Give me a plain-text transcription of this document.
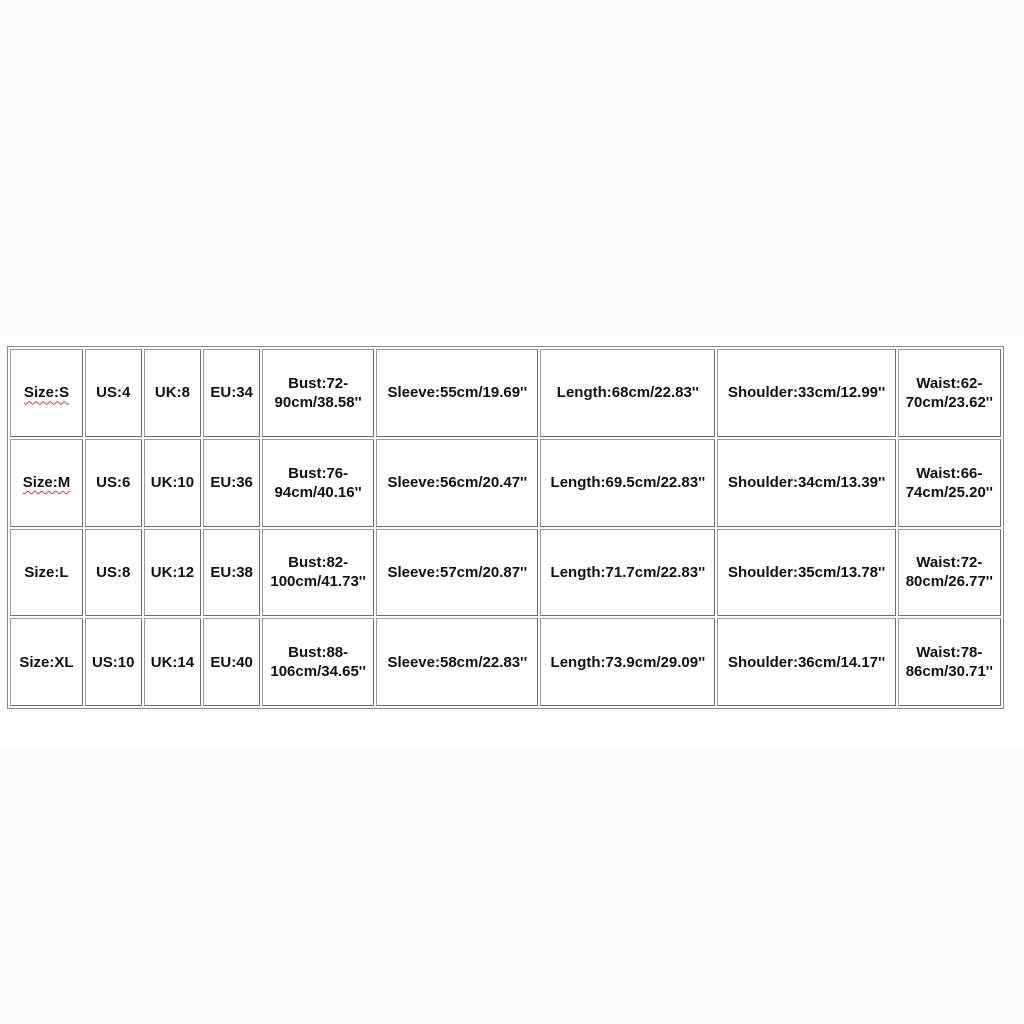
Size:S	US:4	UK:8	EU:34	Bust:72-90cm/38.58''	Sleeve:55cm/19.69''	Length:68cm/22.83''	Shoulder:33cm/12.99''	Waist:62-70cm/23.62''
Size:M	US:6	UK:10	EU:36	Bust:76-94cm/40.16''	Sleeve:56cm/20.47''	Length:69.5cm/22.83''	Shoulder:34cm/13.39''	Waist:66-74cm/25.20''
Size:L	US:8	UK:12	EU:38	Bust:82-100cm/41.73''	Sleeve:57cm/20.87''	Length:71.7cm/22.83''	Shoulder:35cm/13.78''	Waist:72-80cm/26.77''
Size:XL	US:10	UK:14	EU:40	Bust:88-106cm/34.65''	Sleeve:58cm/22.83''	Length:73.9cm/29.09''	Shoulder:36cm/14.17''	Waist:78-86cm/30.71''
